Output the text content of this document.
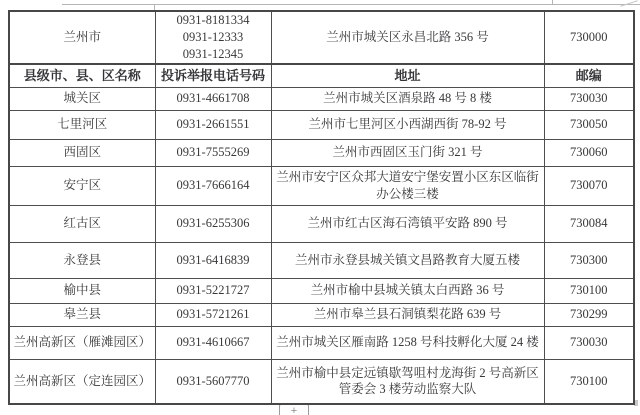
+
兰州市	0931-8181334
0931-12333
0931-12345	兰州市城关区永昌北路 356 号	730000
县级市、县、区名称	投诉举报电话号码	地址	邮编
城关区	0931-4661708	兰州市城关区酒泉路 48 号 8 楼	730030
七里河区	0931-2661551	兰州市七里河区小西湖西街 78-92 号	730050
西固区	0931-7555269	兰州市西固区玉门街 321 号	730060
安宁区	0931-7666164	兰州市安宁区众邦大道安宁堡安置小区东区临街办公楼三楼	730070
红古区	0931-6255306	兰州市红古区海石湾镇平安路 890 号	730084
永登县	0931-6416839	兰州市永登县城关镇文昌路教育大厦五楼	730300
榆中县	0931-5221727	兰州市榆中县城关镇太白西路 36 号	730100
皋兰县	0931-5721261	兰州市皋兰县石洞镇梨花路 639 号	730299
兰州高新区（雁滩园区）	0931-4610667	兰州市城关区雁南路 1258 号科技孵化大厦 24 楼	730030
兰州高新区（定连园区）	0931-5607770	兰州市榆中县定远镇歇驾咀村龙海街 2 号高新区管委会 3 楼劳动监察大队	730100
